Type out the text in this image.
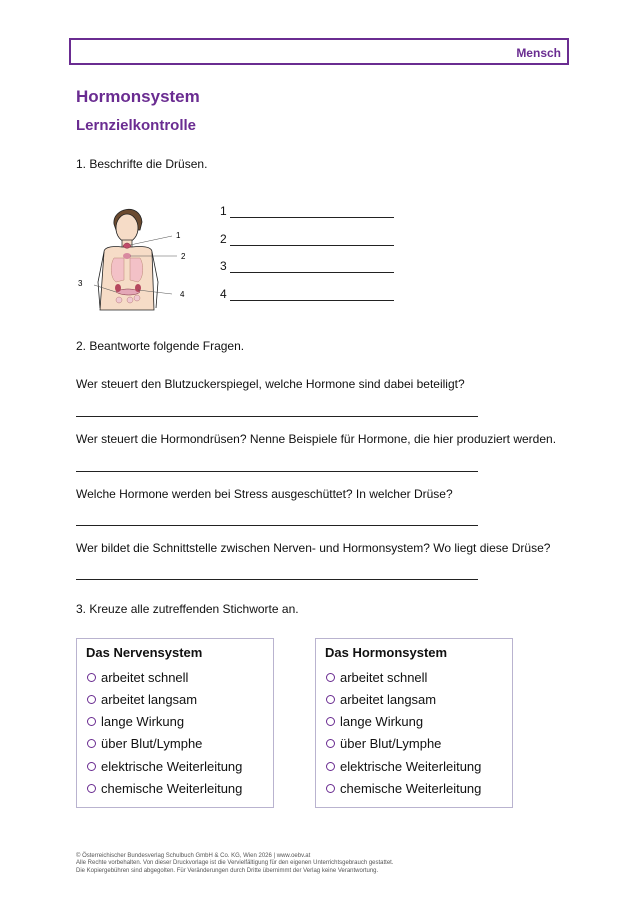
Mensch
Hormonsystem
Lernzielkontrolle
1. Beschrifte die Drüsen.
1
2
3
4
1
2
3
4
2. Beantworte folgende Fragen.
Wer steuert den Blutzuckerspiegel, welche Hormone sind dabei beteiligt?
Wer steuert die Hormondrüsen? Nenne Beispiele für Hormone, die hier produziert werden.
Welche Hormone werden bei Stress ausgeschüttet? In welcher Drüse?
Wer bildet die Schnittstelle zwischen Nerven- und Hormonsystem? Wo liegt diese Drüse?
3. Kreuze alle zutreffenden Stichworte an.
Das Nervensystem
arbeitet schnell
arbeitet langsam
lange Wirkung
über Blut/Lymphe
elektrische Weiterleitung
chemische Weiterleitung
Das Hormonsystem
arbeitet schnell
arbeitet langsam
lange Wirkung
über Blut/Lymphe
elektrische Weiterleitung
chemische Weiterleitung
© Österreichischer Bundesverlag Schulbuch GmbH & Co. KG, Wien 2026 | www.oebv.at
Alle Rechte vorbehalten. Von dieser Druckvorlage ist die Vervielfältigung für den eigenen Unterrichtsgebrauch gestattet.
Die Kopiergebühren sind abgegolten. Für Veränderungen durch Dritte übernimmt der Verlag keine Verantwortung.
